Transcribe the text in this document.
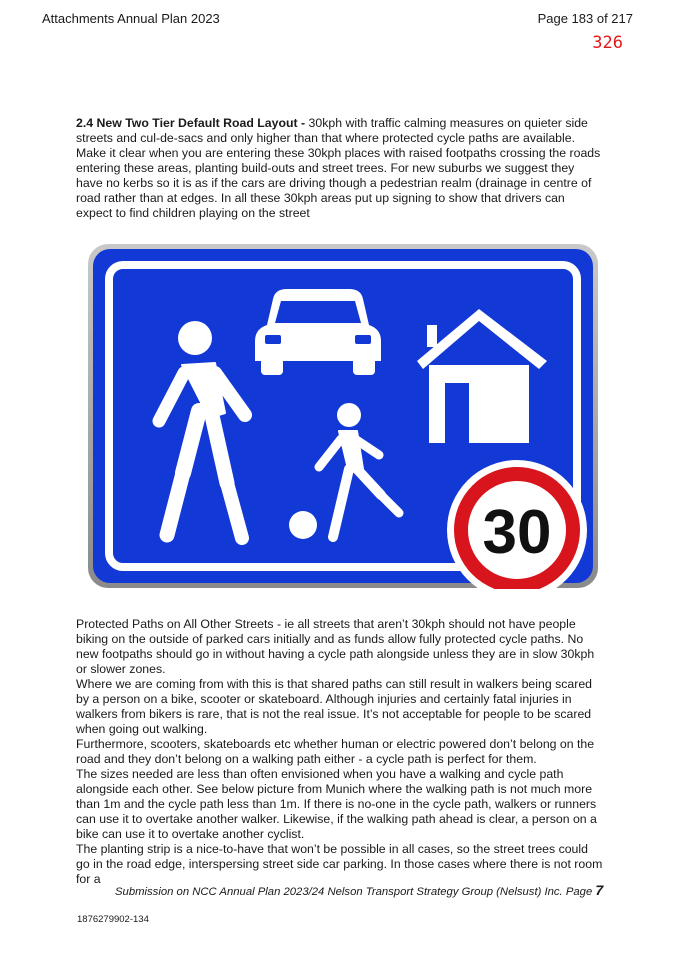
Attachments Annual Plan 2023	Page 183 of 217
326
2.4 New Two Tier Default Road Layout - 30kph with traffic calming measures on quieter side streets and cul-de-sacs and only higher than that where protected cycle paths are available. Make it clear when you are entering these 30kph places with raised footpaths crossing the roads entering these areas, planting build-outs and street trees. For new suburbs we suggest they have no kerbs so it is as if the cars are driving though a pedestrian realm (drainage in centre of road rather than at edges. In all these 30kph areas put up signing to show that drivers can expect to find children playing on the street
30
Protected Paths on All Other Streets - ie all streets that aren’t 30kph should not have people biking on the outside of parked cars initially and as funds allow fully protected cycle paths. No new footpaths should go in without having a cycle path alongside unless they are in slow 30kph or slower zones.
Where we are coming from with this is that shared paths can still result in walkers being scared by a person on a bike, scooter or skateboard. Although injuries and certainly fatal injuries in walkers from bikers is rare, that is not the real issue. It’s not acceptable for people to be scared when going out walking.
Furthermore, scooters, skateboards etc whether human or electric powered don’t belong on the road and they don’t belong on a walking path either - a cycle path is perfect for them.
The sizes needed are less than often envisioned when you have a walking and cycle path alongside each other. See below picture from Munich where the walking path is not much more than 1m and the cycle path less than 1m. If there is no-one in the cycle path, walkers or runners can use it to overtake another walker. Likewise, if the walking path ahead is clear, a person on a bike can use it to overtake another cyclist.
The planting strip is a nice-to-have that won’t be possible in all cases, so the street trees could go in the road edge, interspersing street side car parking. In those cases where there is not room for a
Submission on NCC Annual Plan 2023/24 Nelson Transport Strategy Group (Nelsust) Inc. Page 7
1876279902-134
